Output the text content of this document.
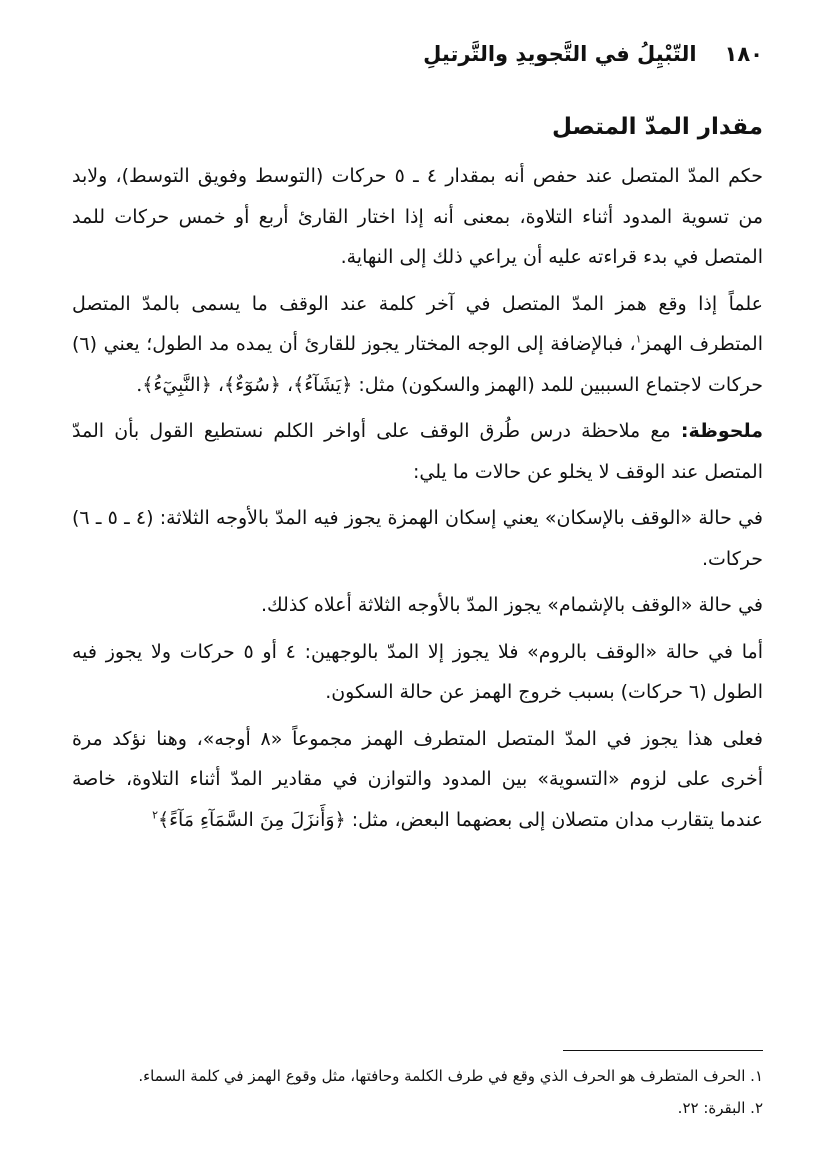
١٨٠
التّبْيِلُ في التَّجويدِ والتَّرتيلِ
مقدار المدّ المتصل

حكم المدّ المتصل عند حفص أنه بمقدار ٤ ـ ٥ حركات (التوسط وفويق التوسط)، ولابد من تسوية المدود أثناء التلاوة، بمعنى أنه إذا اختار القارئ أربع أو خمس حركات للمد المتصل في بدء قراءته عليه أن يراعي ذلك إلى النهاية.

علماً إذا وقع همز المدّ المتصل في آخر كلمة عند الوقف ما يسمى بالمدّ المتصل المتطرف الهمز$^١$، فبالإضافة إلى الوجه المختار يجوز للقارئ أن يمده مد الطول؛ يعني (٦) حركات لاجتماع السببين للمد (الهمز والسكون) مثل: ﴿يَشَآءُ﴾، ﴿سُوٓءٌ﴾، ﴿النَّبِيٓءُ﴾.

ملحوظة: مع ملاحظة درس طُرق الوقف على أواخر الكلم نستطيع القول بأن المدّ المتصل عند الوقف لا يخلو عن حالات ما يلي:

في حالة «الوقف بالإسكان» يعني إسكان الهمزة يجوز فيه المدّ بالأوجه الثلاثة: (٤ ـ ٥ ـ ٦) حركات.

في حالة «الوقف بالإشمام» يجوز المدّ بالأوجه الثلاثة أعلاه كذلك.

أما في حالة «الوقف بالروم» فلا يجوز إلا المدّ بالوجهين: ٤ أو ٥ حركات ولا يجوز فيه الطول (٦ حركات) بسبب خروج الهمز عن حالة السكون.

فعلى هذا يجوز في المدّ المتصل المتطرف الهمز مجموعاً «٨ أوجه»، وهنا نؤكد مرة أخرى على لزوم «التسوية» بين المدود والتوازن في مقادير المدّ أثناء التلاوة، خاصة عندما يتقارب مدان متصلان إلى بعضهما البعض، مثل: ﴿وَأَنزَلَ مِنَ السَّمَآءِ مَآءً﴾$^٢$

١. الحرف المتطرف هو الحرف الذي وقع في طرف الكلمة وحافتها، مثل وقوع الهمز في كلمة السماء.
٢. البقرة: ٢٢.
